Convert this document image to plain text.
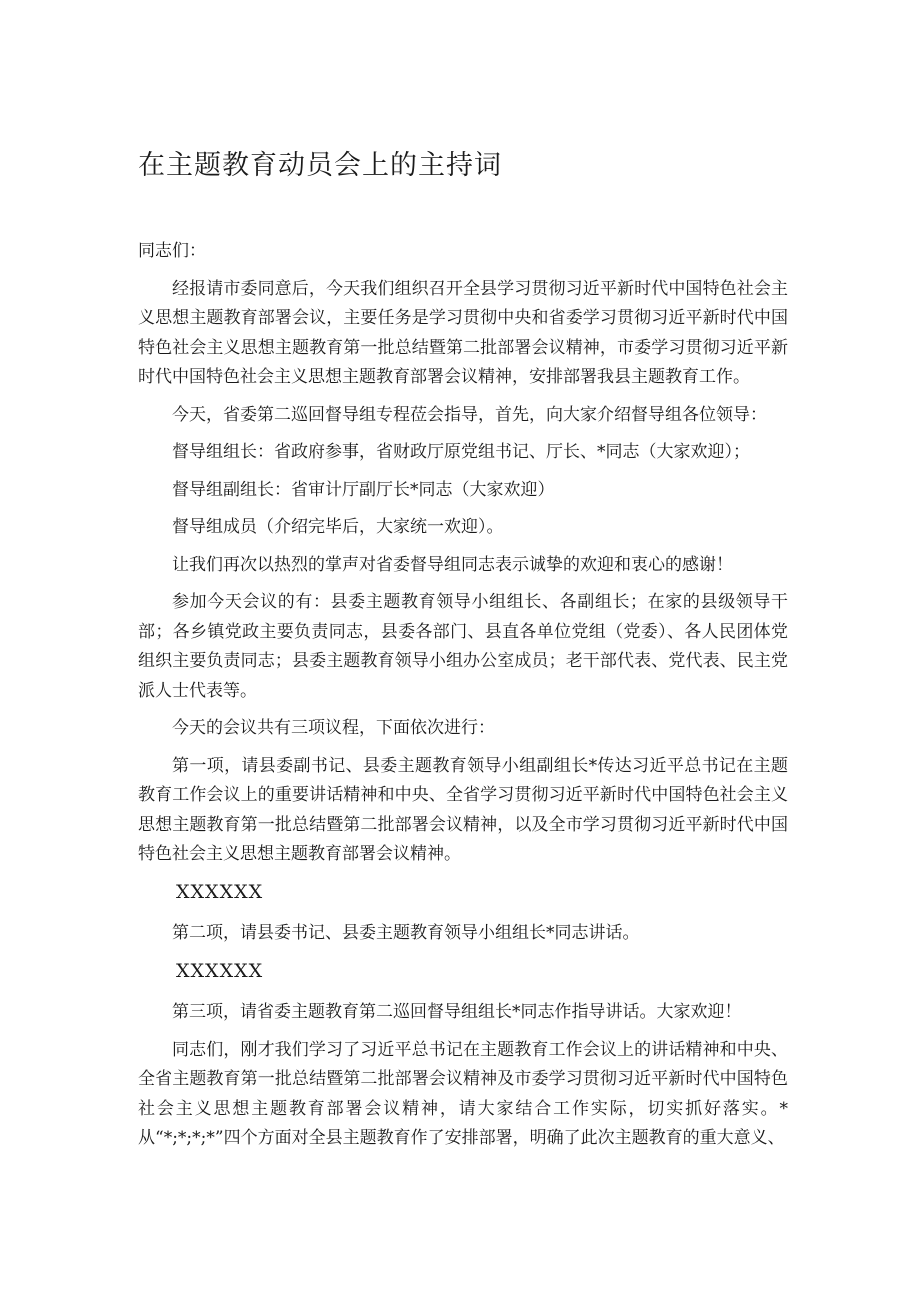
在主题教育动员会上的主持词

同志们：

经报请市委同意后，今天我们组织召开全县学习贯彻习近平新时代中国特色社会主义思想主题教育部署会议，主要任务是学习贯彻中央和省委学习贯彻习近平新时代中国特色社会主义思想主题教育第一批总结暨第二批部署会议精神，市委学习贯彻习近平新时代中国特色社会主义思想主题教育部署会议精神，安排部署我县主题教育工作。

今天，省委第二巡回督导组专程莅会指导，首先，向大家介绍督导组各位领导：

督导组组长：省政府参事，省财政厅原党组书记、厅长、*同志（大家欢迎）；

督导组副组长：省审计厅副厅长*同志（大家欢迎）

督导组成员（介绍完毕后，大家统一欢迎）。

让我们再次以热烈的掌声对省委督导组同志表示诚挚的欢迎和衷心的感谢！

参加今天会议的有：县委主题教育领导小组组长、各副组长；在家的县级领导干部；各乡镇党政主要负责同志，县委各部门、县直各单位党组（党委）、各人民团体党组织主要负责同志；县委主题教育领导小组办公室成员；老干部代表、党代表、民主党派人士代表等。

今天的会议共有三项议程，下面依次进行：

第一项，请县委副书记、县委主题教育领导小组副组长*传达习近平总书记在主题教育工作会议上的重要讲话精神和中央、全省学习贯彻习近平新时代中国特色社会主义思想主题教育第一批总结暨第二批部署会议精神，以及全市学习贯彻习近平新时代中国特色社会主义思想主题教育部署会议精神。

XXXXXX

第二项，请县委书记、县委主题教育领导小组组长*同志讲话。

XXXXXX

第三项，请省委主题教育第二巡回督导组组长*同志作指导讲话。大家欢迎！

同志们，刚才我们学习了习近平总书记在主题教育工作会议上的讲话精神和中央、全省主题教育第一批总结暨第二批部署会议精神及市委学习贯彻习近平新时代中国特色社会主义思想主题教育部署会议精神，请大家结合工作实际，切实抓好落实。*从“*;*;*;*”四个方面对全县主题教育作了安排部署，明确了此次主题教育的重大意义、
